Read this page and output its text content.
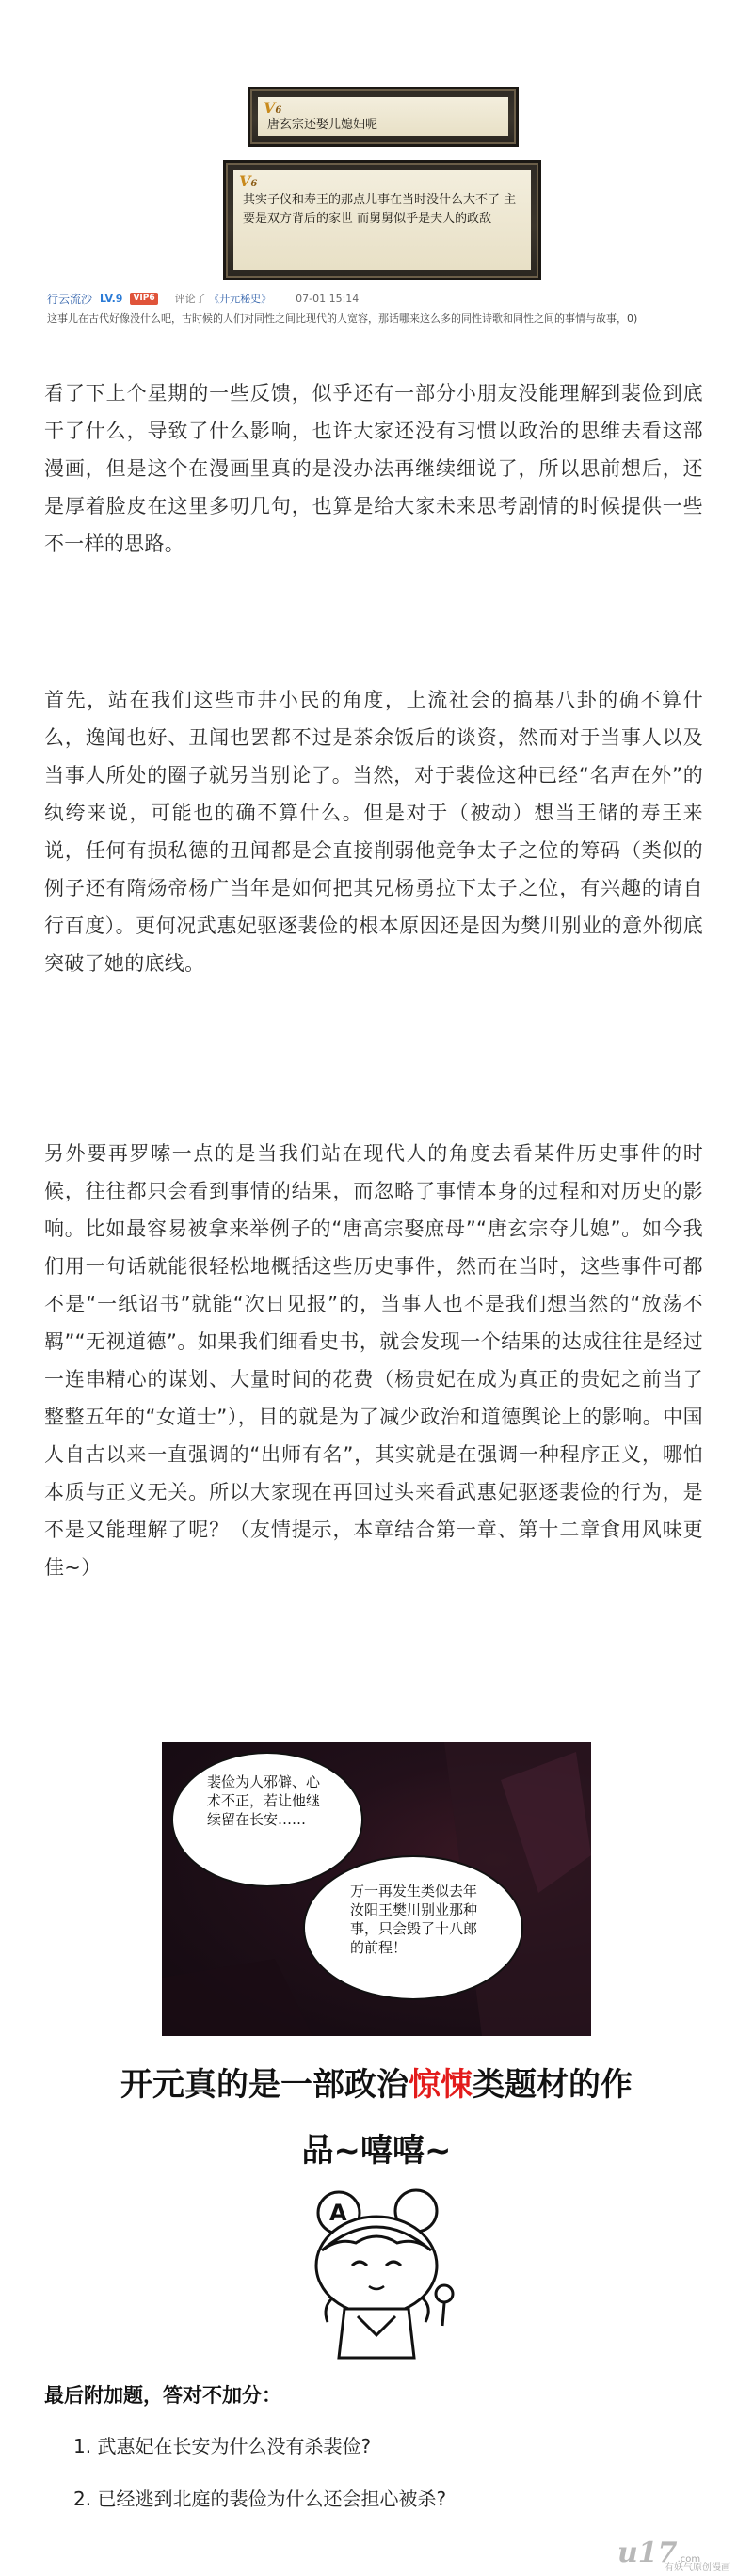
V6
唐玄宗还娶儿媳妇呢
V6
其实子仪和寿王的那点儿事在当时没什么大不了 主要是双方背后的家世 而舅舅似乎是夫人的政敌
行云流沙 LV.9	VIP6 评论了 《开元秘史》 07-01 15:14
这事儿在古代好像没什么吧，古时候的人们对同性之间比现代的人宽容，那话哪来这么多的同性诗歌和同性之间的事情与故事，0)
看了下上个星期的一些反馈，似乎还有一部分小朋友没能理解到裴俭到底干了什么，导致了什么影响，也许大家还没有习惯以政治的思维去看这部漫画，但是这个在漫画里真的是没办法再继续细说了，所以思前想后，还是厚着脸皮在这里多叨几句，也算是给大家未来思考剧情的时候提供一些不一样的思路。
首先，站在我们这些市井小民的角度，上流社会的搞基八卦的确不算什么，逸闻也好、丑闻也罢都不过是茶余饭后的谈资，然而对于当事人以及当事人所处的圈子就另当别论了。当然，对于裴俭这种已经“名声在外”的纨绔来说，可能也的确不算什么。但是对于（被动）想当王储的寿王来说，任何有损私德的丑闻都是会直接削弱他竞争太子之位的筹码（类似的例子还有隋炀帝杨广当年是如何把其兄杨勇拉下太子之位，有兴趣的请自行百度）。更何况武惠妃驱逐裴俭的根本原因还是因为樊川别业的意外彻底突破了她的底线。
另外要再罗嗦一点的是当我们站在现代人的角度去看某件历史事件的时候，往往都只会看到事情的结果，而忽略了事情本身的过程和对历史的影响。比如最容易被拿来举例子的“唐高宗娶庶母”“唐玄宗夺儿媳”。如今我们用一句话就能很轻松地概括这些历史事件，然而在当时，这些事件可都不是“一纸诏书”就能“次日见报”的，当事人也不是我们想当然的“放荡不羁”“无视道德”。如果我们细看史书，就会发现一个结果的达成往往是经过一连串精心的谋划、大量时间的花费（杨贵妃在成为真正的贵妃之前当了整整五年的“女道士”），目的就是为了减少政治和道德舆论上的影响。中国人自古以来一直强调的“出师有名”，其实就是在强调一种程序正义，哪怕本质与正义无关。所以大家现在再回过头来看武惠妃驱逐裴俭的行为，是不是又能理解了呢？（友情提示，本章结合第一章、第十二章食用风味更佳~）
裴俭为人邪僻、心术不正，若让他继续留在长安……
万一再发生类似去年汝阳王樊川别业那种事，只会毁了十八郎的前程！
开元真的是一部政治惊悚类题材的作
品~嘻嘻~
A
最后附加题，答对不加分：
1. 武惠妃在长安为什么没有杀裴俭?
2. 已经逃到北庭的裴俭为什么还会担心被杀?
u17.com
有妖气原创漫画
